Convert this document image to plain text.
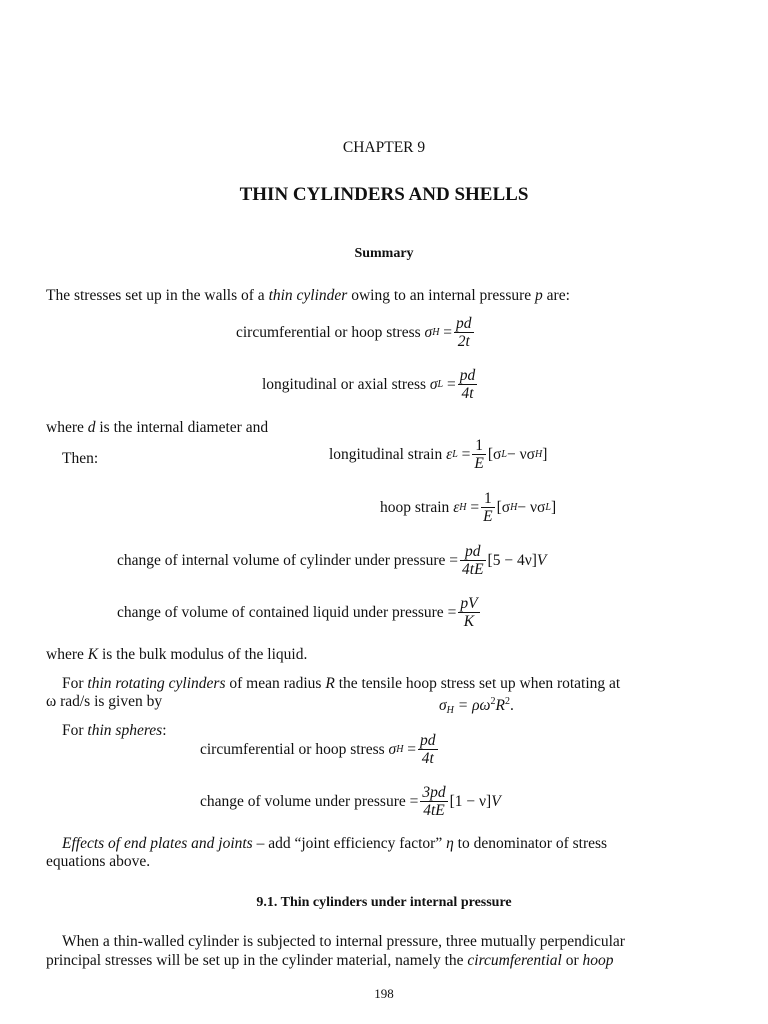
CHAPTER 9
THIN CYLINDERS AND SHELLS
Summary
The stresses set up in the walls of a thin cylinder owing to an internal pressure p are:
circumferential or hoop stress
σ $H = \frac{pd}{2t}$
longitudinal or axial stress
σ $L = \frac{pd}{4t}$
where d is the internal diameter and
Then:	longitudinal strain
ε $L = \frac{1}{E} [\sigma$ L − νσ H ]
hoop strain
ε $H = \frac{1}{E} [\sigma$ H − νσ L ]
change of internal volume of cylinder under pressure = $\frac{pd}{4tE} [5 - 4\nu]$ V
change of volume of contained liquid under pressure = $\frac{pV}{K}$
where K is the bulk modulus of the liquid.
For thin rotating cylinders of mean radius R the tensile hoop stress set up when rotating at
ω rad/s is given by	$\sigma_H = \rho\omega^2R^2$.
For thin spheres:
circumferential or hoop stress
σ $H = \frac{pd}{4t}$
change of volume under pressure = $\frac{3pd}{4tE} [1 - \nu]$ V
Effects of end plates and joints – add “joint efficiency factor” η to denominator of stress
equations above.
9.1. Thin cylinders under internal pressure
When a thin-walled cylinder is subjected to internal pressure, three mutually perpendicular
principal stresses will be set up in the cylinder material, namely the circumferential or hoop
198
